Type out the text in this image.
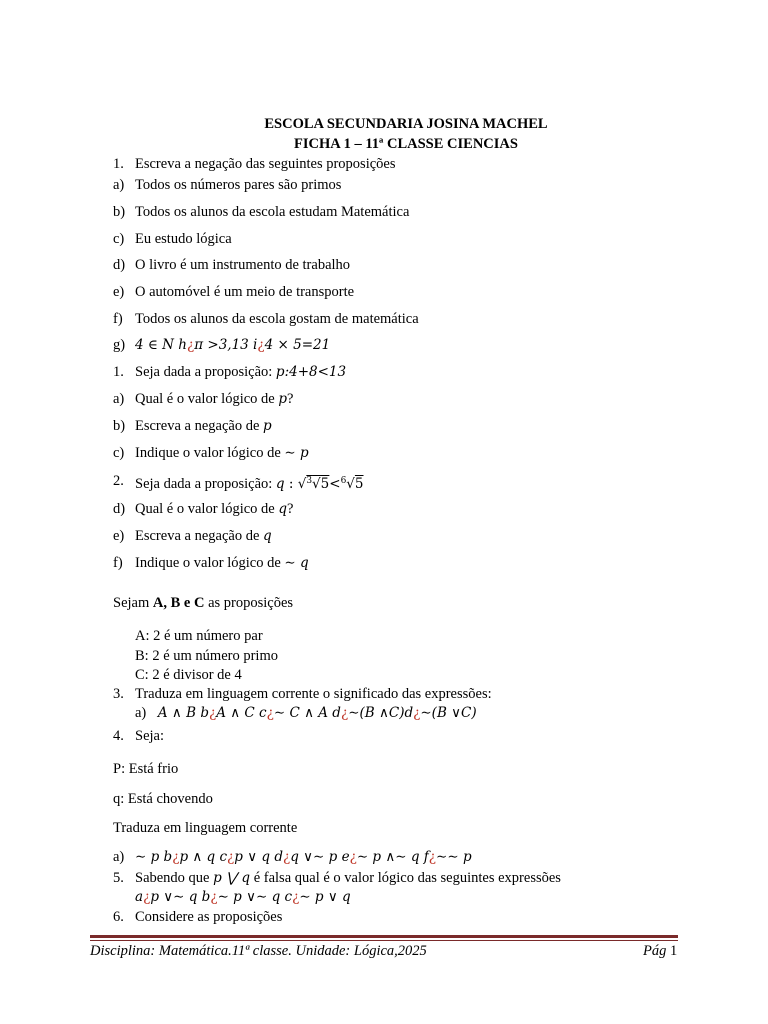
ESCOLA SECUNDARIA JOSINA MACHEL
FICHA 1 – 11ª CLASSE CIENCIAS
1. Escreva a negação das seguintes proposições
a) Todos os números pares são primos
b) Todos os alunos da escola estudam Matemática
c) Eu estudo lógica
d) O livro é um instrumento de trabalho
e) O automóvel é um meio de transporte
f) Todos os alunos da escola gostam de matemática
g) 4 ∈ N h¿π >3,13 i¿4 × 5=21
1. Seja dada a proposição: p:4+8<13
a) Qual é o valor lógico de p?
b) Escreva a negação de p
c) Indique o valor lógico de ∼ p
2. Seja dada a proposição: q : √$^3$√5<$^6$√5
d) Qual é o valor lógico de q?
e) Escreva a negação de q
f) Indique o valor lógico de ∼ q
Sejam A, B e C as proposições
A: 2 é um número par
B: 2 é um número primo
C: 2 é divisor de 4
3. Traduza em linguagem corrente o significado das expressões:
a) A ∧ B b¿A ∧ C c¿∼ C ∧ A d¿∼(B ∧C)d¿∼(B ∨C)
4. Seja:
P: Está frio
q: Está chovendo
Traduza em linguagem corrente
a) ∼ p b¿p ∧ q c¿p ∨ q d¿q ∨∼ p e¿∼ p ∧∼ q f¿∼∼ p
5. Sabendo que p ⋁ q é falsa qual é o valor lógico das seguintes expressões
a¿p ∨∼ q b¿∼ p ∨∼ q c¿∼ p ∨ q
6. Considere as proposições
Disciplina: Matemática.11ª classe. Unidade: Lógica,2025	Pág 1
